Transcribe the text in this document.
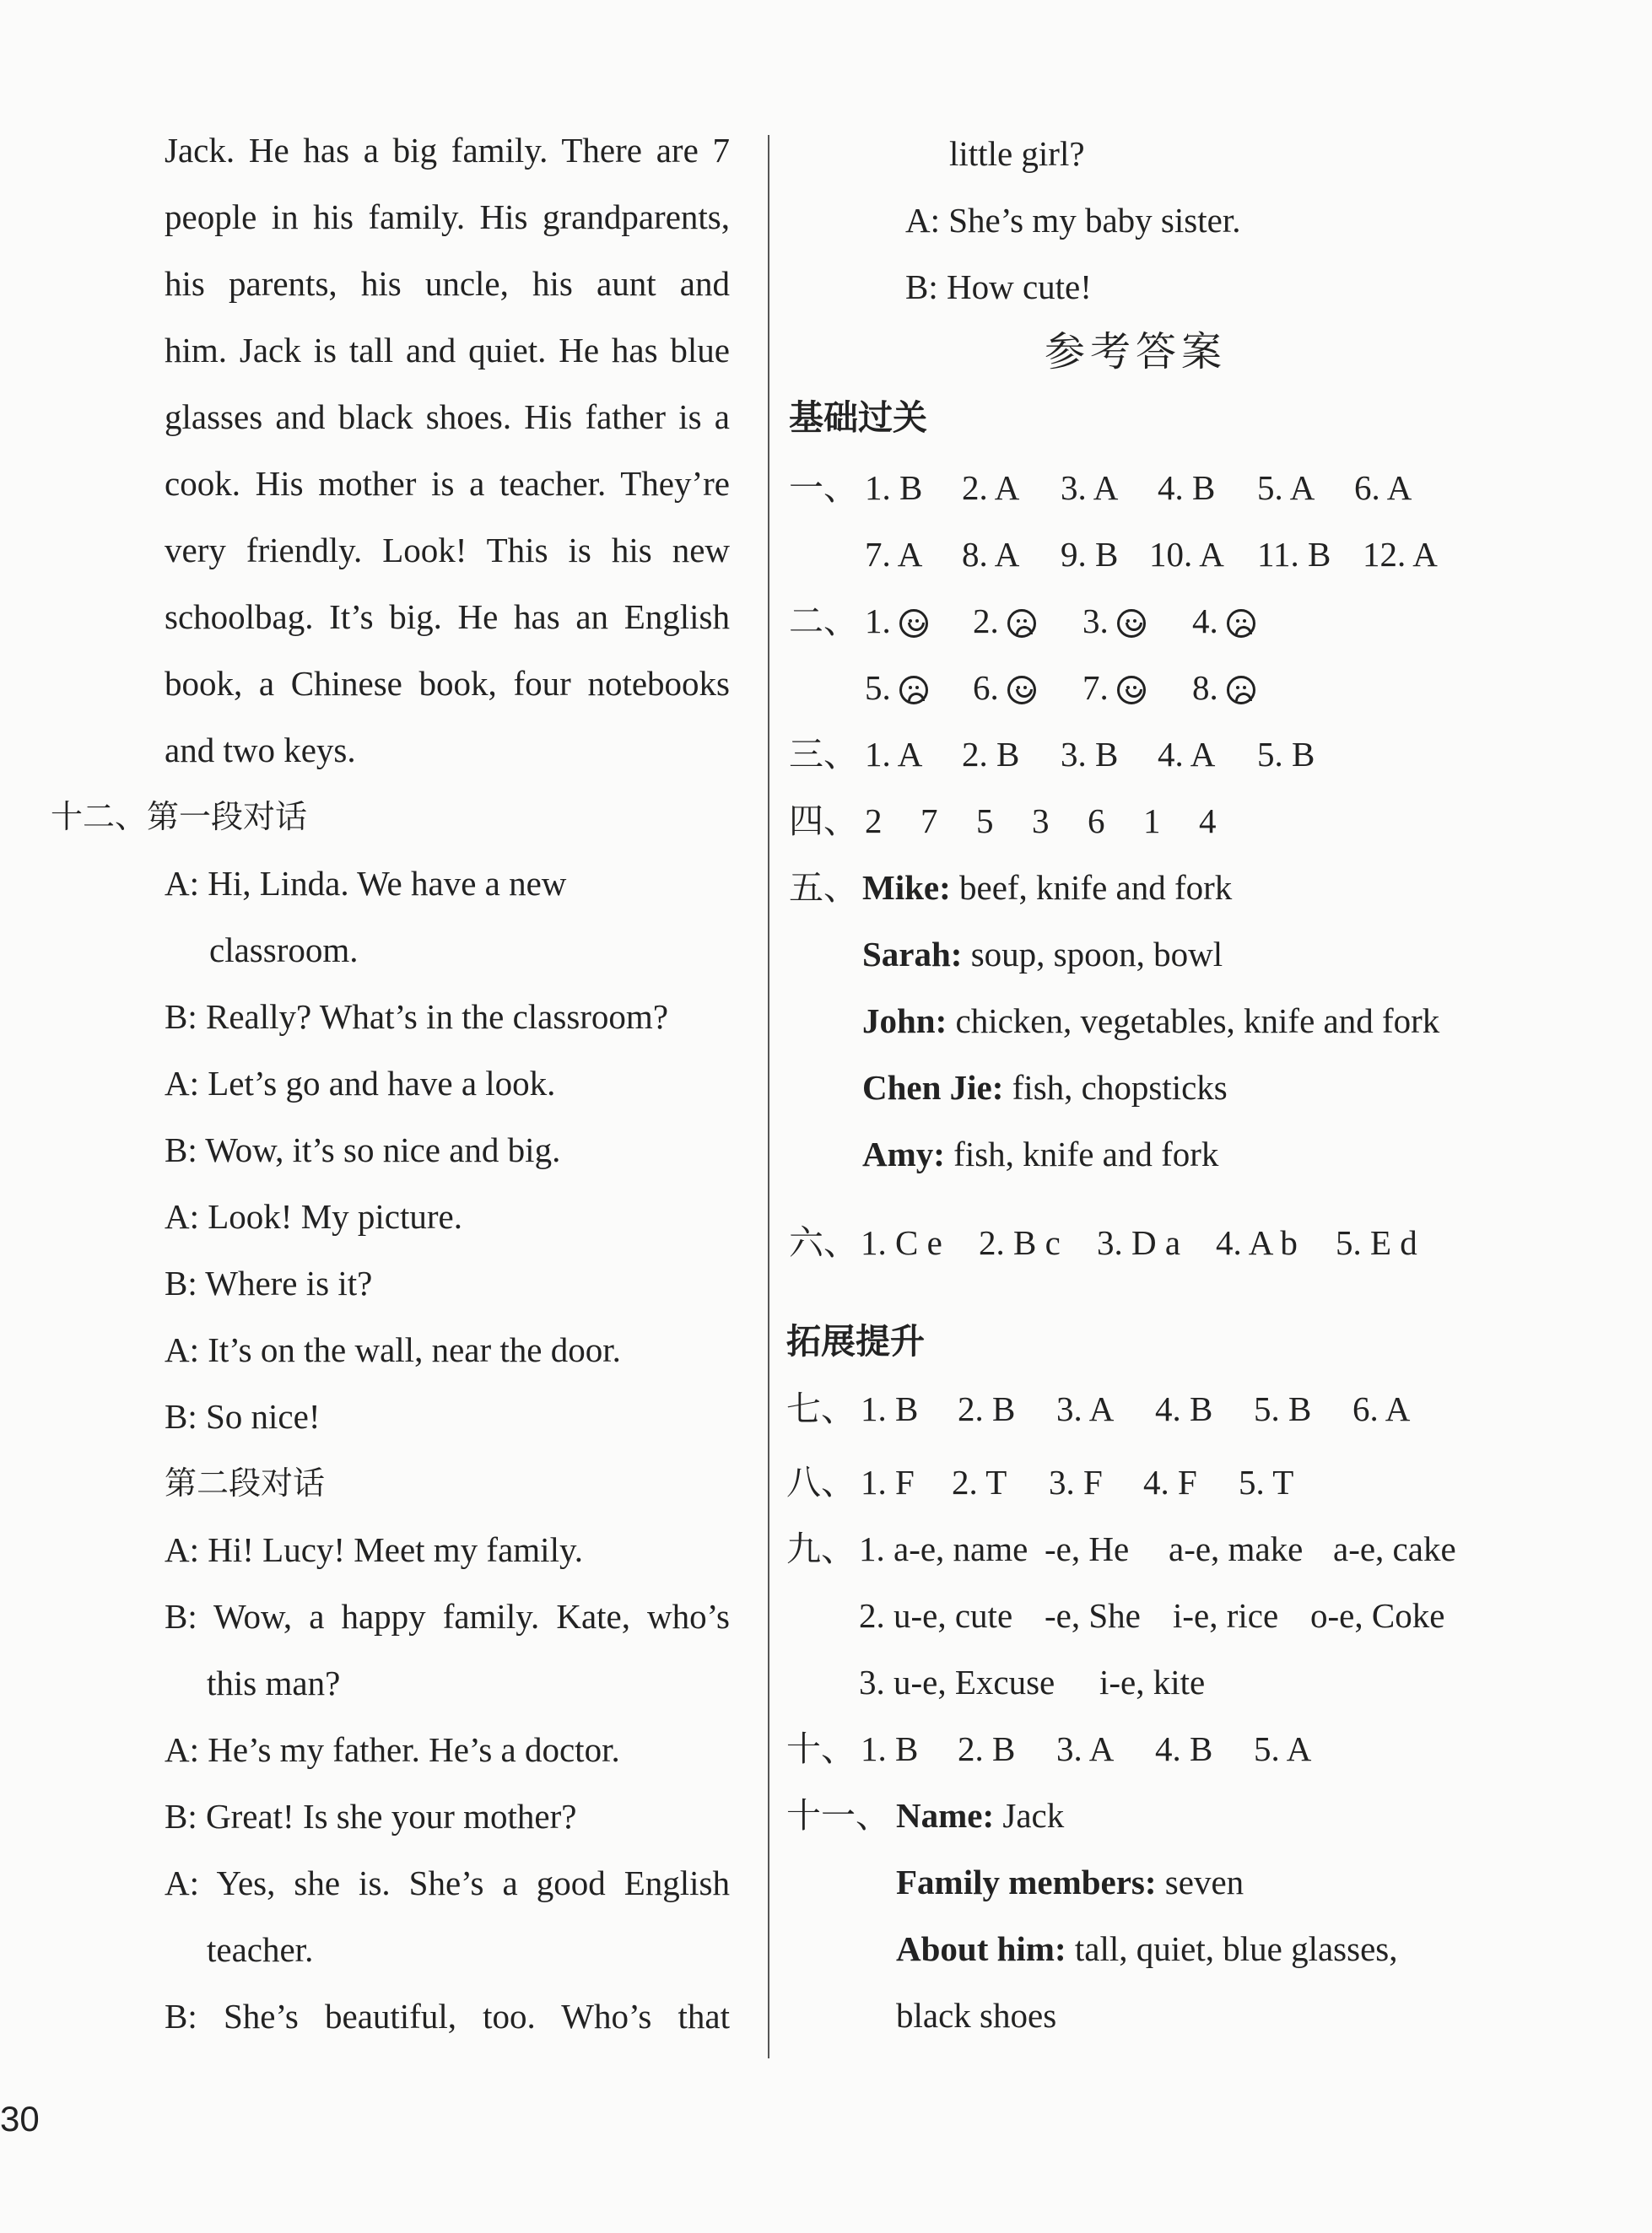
Jack. He has a big family. There are 7
people in his family. His grandparents,
his parents, his uncle, his aunt and
him. Jack is tall and quiet. He has blue
glasses and black shoes. His father is a
cook. His mother is a teacher. They’re
very friendly. Look! This is his new
schoolbag. It’s big. He has an English
book, a Chinese book, four notebooks
and two keys.
十二、第一段对话
A: Hi, Linda. We have a new
classroom.
B: Really? What’s in the classroom?
A: Let’s go and have a look.
B: Wow, it’s so nice and big.
A: Look! My picture.
B: Where is it?
A: It’s on the wall, near the door.
B: So nice!
第二段对话
A: Hi! Lucy! Meet my family.
B: Wow, a happy family. Kate, who’s
this man?
A: He’s my father. He’s a doctor.
B: Great! Is she your mother?
A: Yes, she is. She’s a good English
teacher.
B: She’s beautiful, too. Who’s that
little girl?
A: She’s my baby sister.
B: How cute!
参考答案
基础过关
一、 1. B 2. A 3. A 4. B 5. A 6. A
7. A 8. A 9. B 10. A 11. B 12. A
二、 1.	2.	3.	4.
5.	6.	7.	8.
三、 1. A 2. B 3. B 4. A 5. B
四、 2 7 5 3 6 1 4
五、 Mike: beef, knife and fork
Sarah: soup, spoon, bowl
John: chicken, vegetables, knife and fork
Chen Jie: fish, chopsticks
Amy: fish, knife and fork
六、 1. C e 2. B c 3. D a 4. A b 5. E d
拓展提升
七、 1. B 2. B 3. A 4. B 5. B 6. A
八、 1. F 2. T 3. F 4. F 5. T
九、 1. a-e, name -e, He a-e, make a-e, cake
2. u-e, cute -e, She i-e, rice o-e, Coke
3. u-e, Excuse i-e, kite
十、 1. B 2. B 3. A 4. B 5. A
十一、 Name: Jack
Family members: seven
About him: tall, quiet, blue glasses,
black shoes
30
